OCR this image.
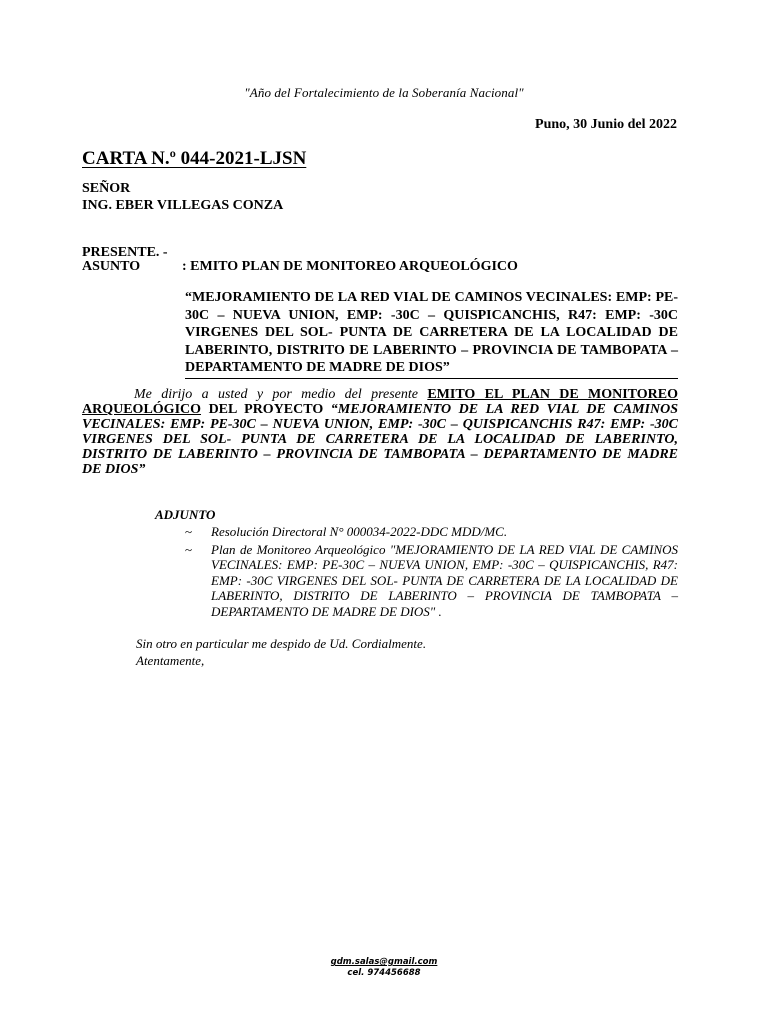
"Año del Fortalecimiento de la Soberanía Nacional"
Puno, 30 Junio del 2022
CARTA N.º 044-2021-LJSN
SEÑOR
ING. EBER VILLEGAS CONZA
PRESENTE. -
ASUNTO	: EMITO PLAN DE MONITOREO ARQUEOLÓGICO
“MEJORAMIENTO DE LA RED VIAL DE CAMINOS VECINALES: EMP: PE-30C – NUEVA UNION, EMP: -30C – QUISPICANCHIS, R47: EMP: -30C VIRGENES DEL SOL- PUNTA DE CARRETERA DE LA LOCALIDAD DE LABERINTO, DISTRITO DE LABERINTO – PROVINCIA DE TAMBOPATA – DEPARTAMENTO DE MADRE DE DIOS”
Me dirijo a usted y por medio del presente EMITO EL PLAN DE MONITOREO ARQUEOLÓGICO DEL PROYECTO “MEJORAMIENTO DE LA RED VIAL DE CAMINOS VECINALES: EMP: PE-30C – NUEVA UNION, EMP: -30C – QUISPICANCHIS R47: EMP: -30C VIRGENES DEL SOL- PUNTA DE CARRETERA DE LA LOCALIDAD DE LABERINTO, DISTRITO DE LABERINTO – PROVINCIA DE TAMBOPATA – DEPARTAMENTO DE MADRE DE DIOS”
ADJUNTO
~ Resolución Directoral N° 000034-2022-DDC MDD/MC.
~ Plan de Monitoreo Arqueológico "MEJORAMIENTO DE LA RED VIAL DE CAMINOS VECINALES: EMP: PE-30C – NUEVA UNION, EMP: -30C – QUISPICANCHIS, R47: EMP: -30C VIRGENES DEL SOL- PUNTA DE CARRETERA DE LA LOCALIDAD DE LABERINTO, DISTRITO DE LABERINTO – PROVINCIA DE TAMBOPATA – DEPARTAMENTO DE MADRE DE DIOS" .
Sin otro en particular me despido de Ud. Cordialmente.
Atentamente,
gdm.salas@gmail.com
cel. 974456688
